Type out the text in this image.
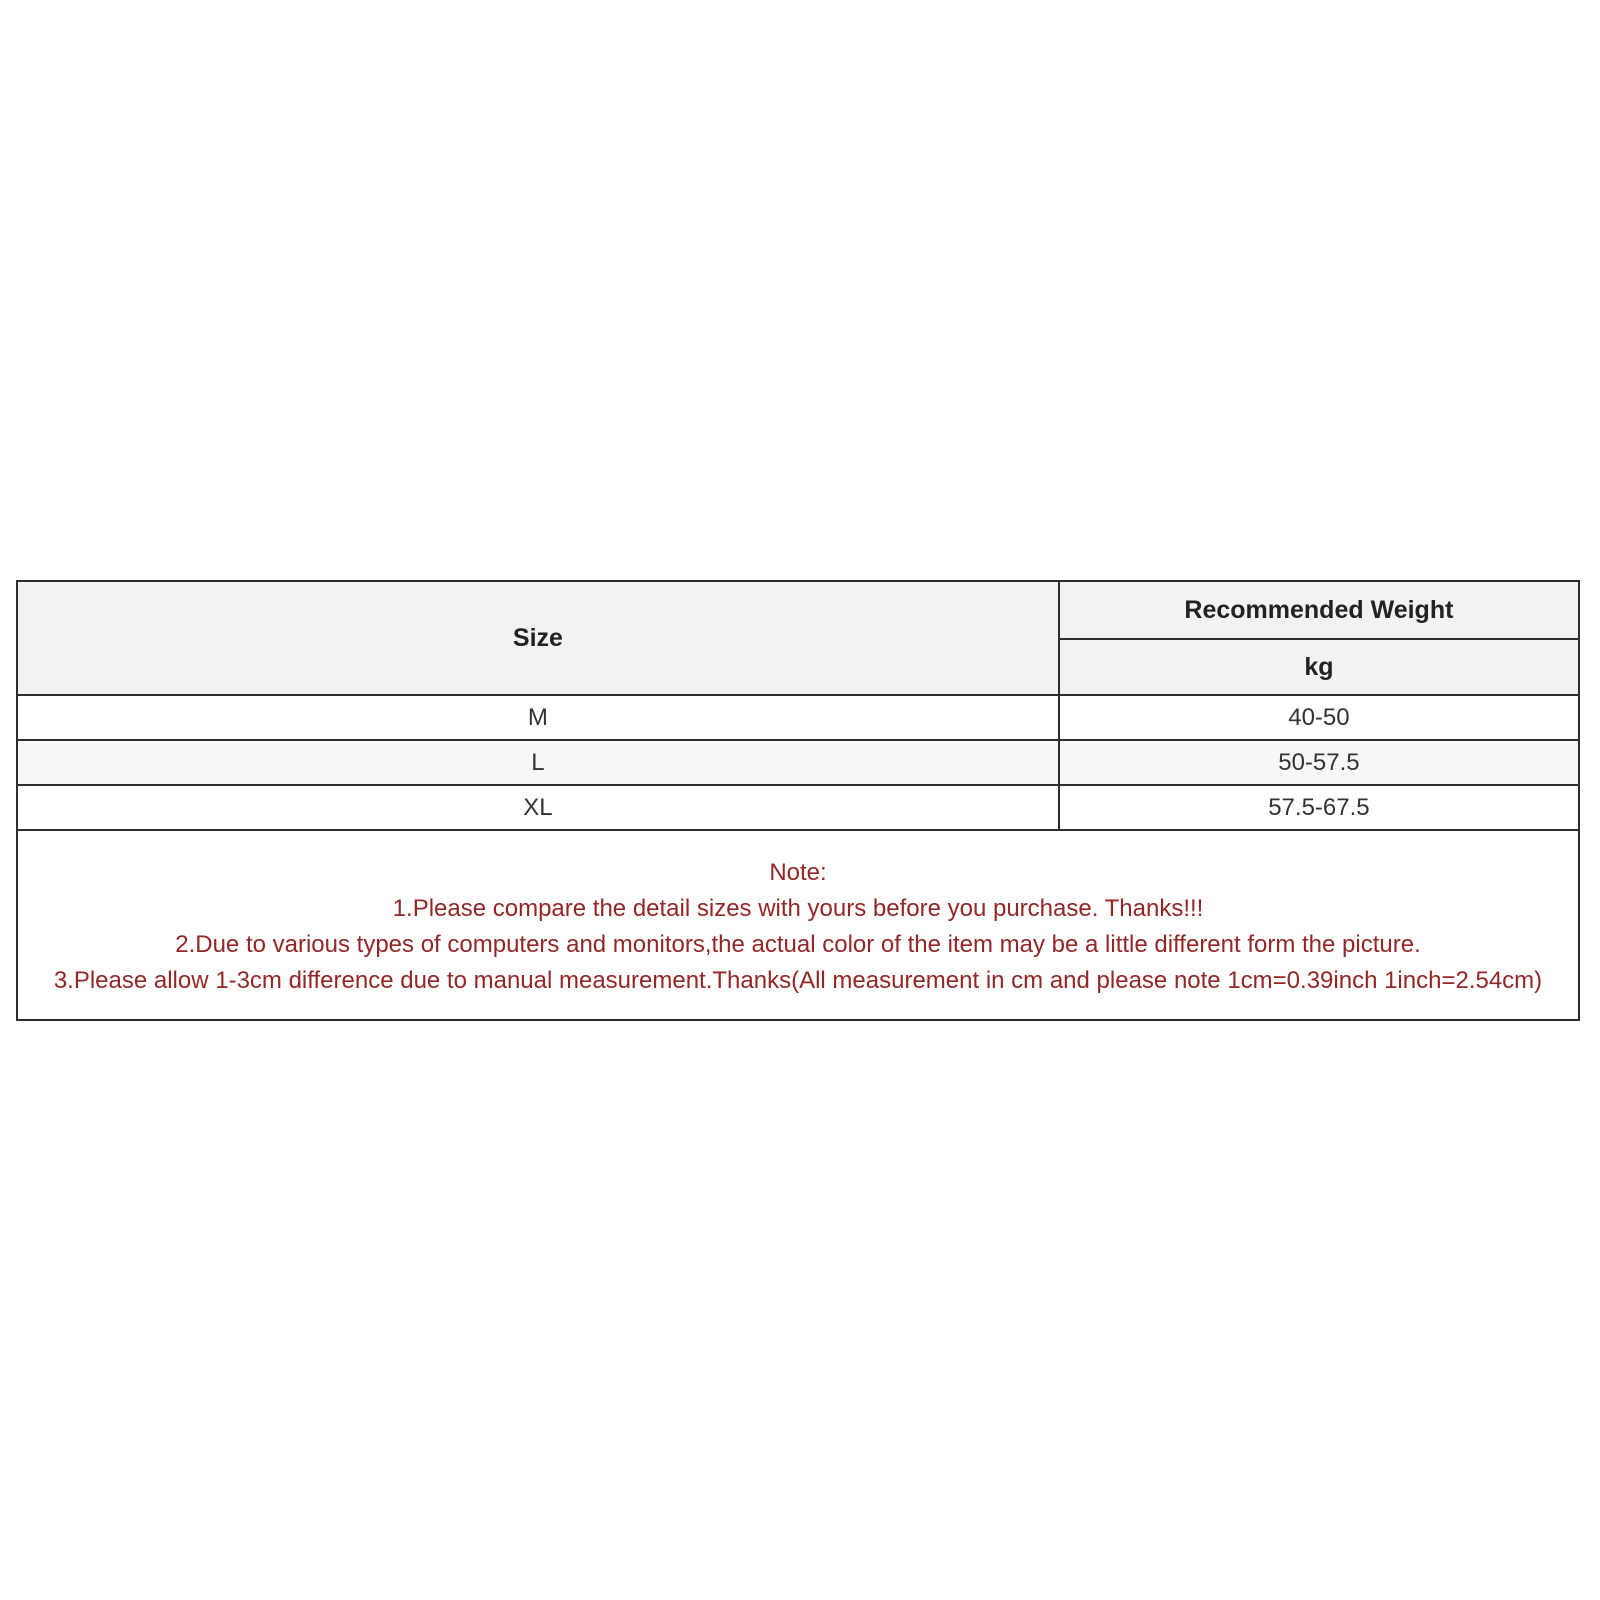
Size	Recommended Weight
	kg
M	40-50
L	50-57.5
XL	57.5-67.5

Note:
1.Please compare the detail sizes with yours before you purchase. Thanks!!!
2.Due to various types of computers and monitors,the actual color of the item may be a little different form the picture.
3.Please allow 1-3cm difference due to manual measurement.Thanks(All measurement in cm and please note 1cm=0.39inch 1inch=2.54cm)	
